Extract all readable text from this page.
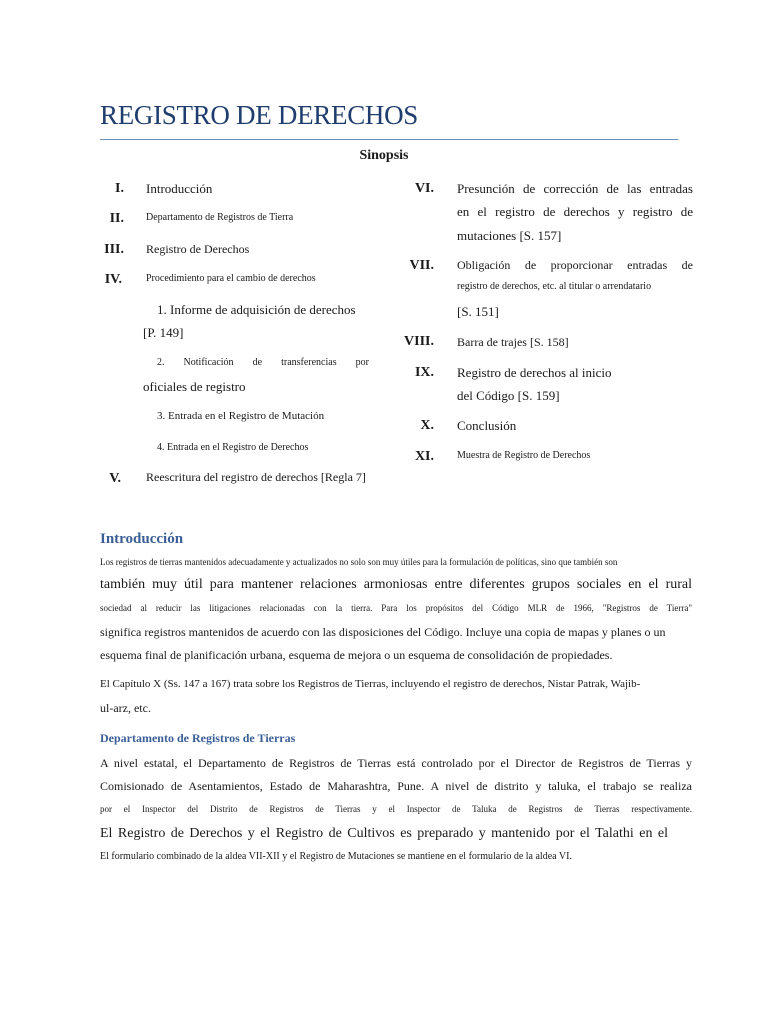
REGISTRO DE DERECHOS
Sinopsis
I. Introducción
II. Departamento de Registros de Tierra
III. Registro de Derechos
IV. Procedimiento para el cambio de derechos
1. Informe de adquisición de derechos
[P. 149]
2. Notificación de transferencias por
oficiales de registro
3. Entrada en el Registro de Mutación
4. Entrada en el Registro de Derechos
V. Reescritura del registro de derechos [Regla 7]
VI. Presunción de corrección de las entradas
en el registro de derechos y registro de
mutaciones [S. 157]
VII. Obligación de proporcionar entradas de
registro de derechos, etc. al titular o arrendatario
[S. 151]
VIII. Barra de trajes [S. 158]
IX. Registro de derechos al inicio
del Código [S. 159]
X. Conclusión
XI. Muestra de Registro de Derechos
Introducción
Los registros de tierras mantenidos adecuadamente y actualizados no solo son muy útiles para la formulación de políticas, sino que también son
también muy útil para mantener relaciones armoniosas entre diferentes grupos sociales en el rural
sociedad al reducir las litigaciones relacionadas con la tierra. Para los propósitos del Código MLR de 1966, "Registros de Tierra"
significa registros mantenidos de acuerdo con las disposiciones del Código. Incluye una copia de mapas y planes o un
esquema final de planificación urbana, esquema de mejora o un esquema de consolidación de propiedades.
El Capítulo X (Ss. 147 a 167) trata sobre los Registros de Tierras, incluyendo el registro de derechos, Nistar Patrak, Wajib-
ul-arz, etc.
Departamento de Registros de Tierras
A nivel estatal, el Departamento de Registros de Tierras está controlado por el Director de Registros de Tierras y
Comisionado de Asentamientos, Estado de Maharashtra, Pune. A nivel de distrito y taluka, el trabajo se realiza
por el Inspector del Distrito de Registros de Tierras y el Inspector de Taluka de Registros de Tierras respectivamente.
El Registro de Derechos y el Registro de Cultivos es preparado y mantenido por el Talathi en el
El formulario combinado de la aldea VII-XII y el Registro de Mutaciones se mantiene en el formulario de la aldea VI.
